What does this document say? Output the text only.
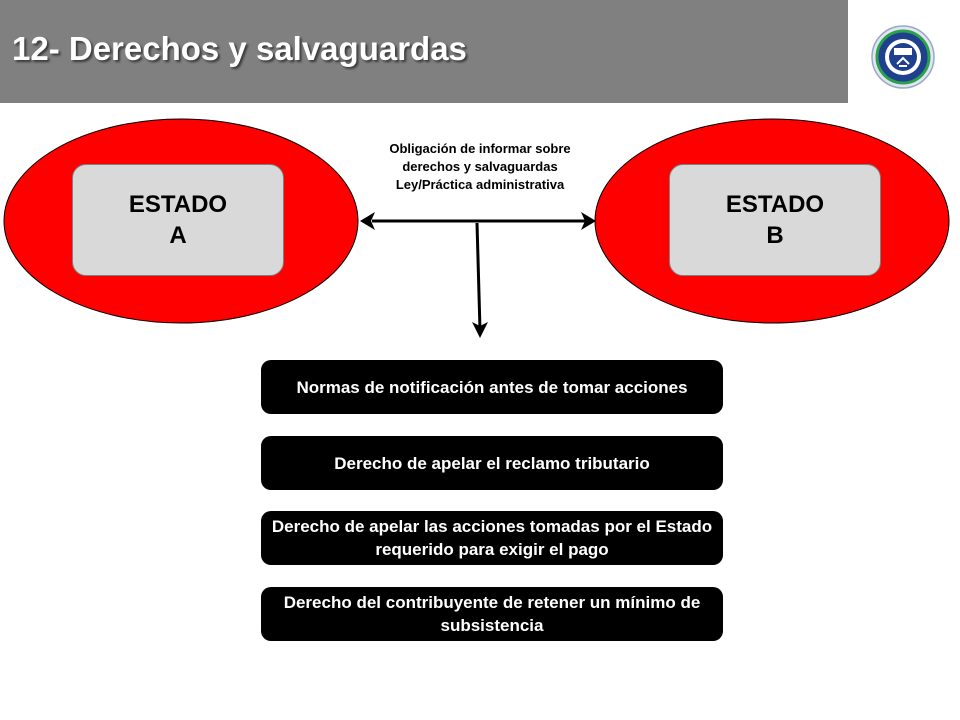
12- Derechos y salvaguardas
ESTADO
A
ESTADO
B
Obligación de informar sobre
derechos y salvaguardas
Ley/Práctica administrativa
Normas de notificación antes de tomar acciones
Derecho de apelar el reclamo tributario
Derecho de apelar las acciones tomadas por el Estado requerido para exigir el pago
Derecho del contribuyente de retener un mínimo de subsistencia
